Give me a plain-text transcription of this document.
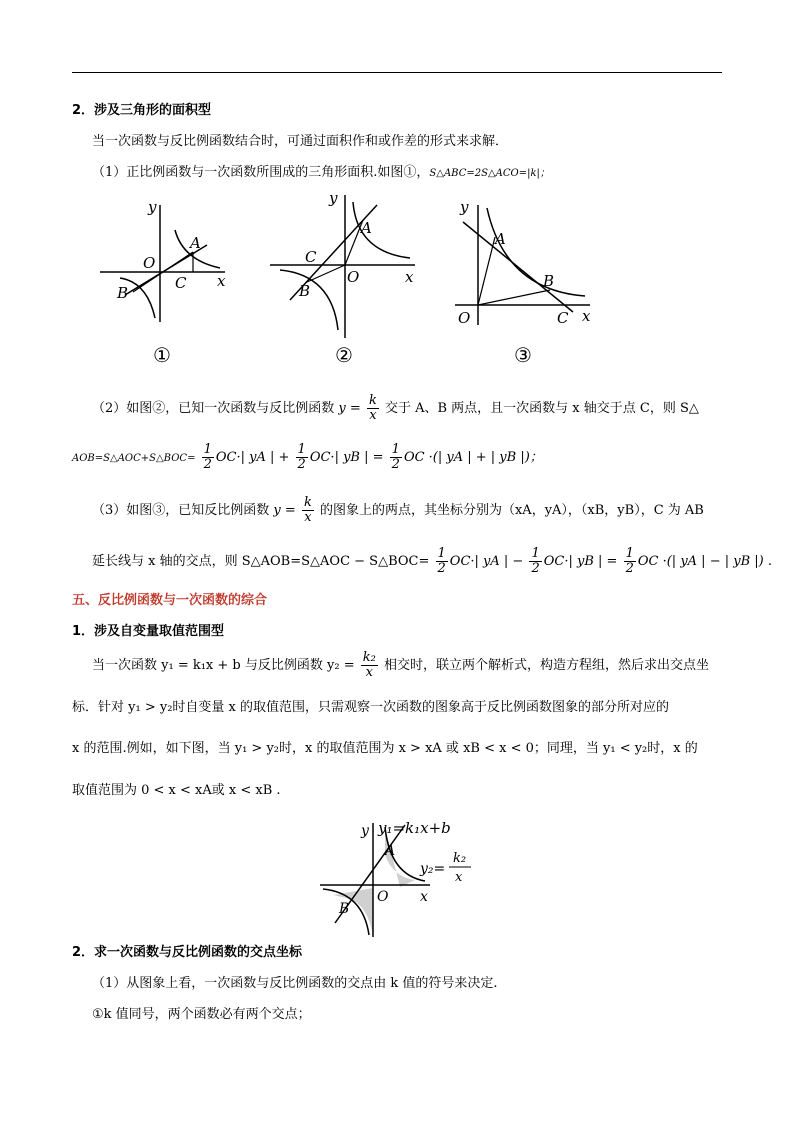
2．涉及三角形的面积型
当一次函数与反比例函数结合时，可通过面积作和或作差的形式来求解．
（1）正比例函数与一次函数所围成的三角形面积.如图①，S△ABC=2S△ACO=|k|；
y
O
A
B
C x
①
y
A
C
O
B
x
②
y
A
B
O	C x
③
（2）如图②，已知一次函数与反比例函数 $y = \frac{k}{x}$ 交于 A、B 两点，且一次函数与 x 轴交于点 C，则 S△
AOB=S△AOC+S△BOC= $\frac{1}{2} OC\cdot|$ yA | + $\frac{1}{2} OC\cdot|$ yB | = $\frac{1}{2}$ OC ·(| yA | + | yB |)；
（3）如图③，已知反比例函数 $y = \frac{k}{x}$ 的图象上的两点，其坐标分别为（xA，yA），（xB，yB），C 为 AB
延长线与 x 轴的交点，则 S△AOB=S△AOC − S△BOC= $\frac{1}{2} OC\cdot|$ yA | − $\frac{1}{2} OC\cdot|$ yB | = $\frac{1}{2}$ OC ·(| yA | − | yB |) .
五、反比例函数与一次函数的综合
1．涉及自变量取值范围型
当一次函数 y₁ = k₁x + b 与反比例函数 $y_2 = \frac{\text{k₂}}{x}$ 相交时，联立两个解析式，构造方程组，然后求出交点坐
标．针对 y₁ > y₂时自变量 x 的取值范围，只需观察一次函数的图象高于反比例函数图象的部分所对应的
x 的范围.例如，如下图，当 y₁ > y₂时，x 的取值范围为 x > xA 或 xB < x < 0；同理，当 y₁ < y₂时，x 的
取值范围为 0 < x < xA或 x < xB .
y
A
O
B
x
y₁=k₁x+b
y₂=
k₂
x
2．求一次函数与反比例函数的交点坐标
（1）从图象上看，一次函数与反比例函数的交点由 k 值的符号来决定.
①k 值同号，两个函数必有两个交点；
